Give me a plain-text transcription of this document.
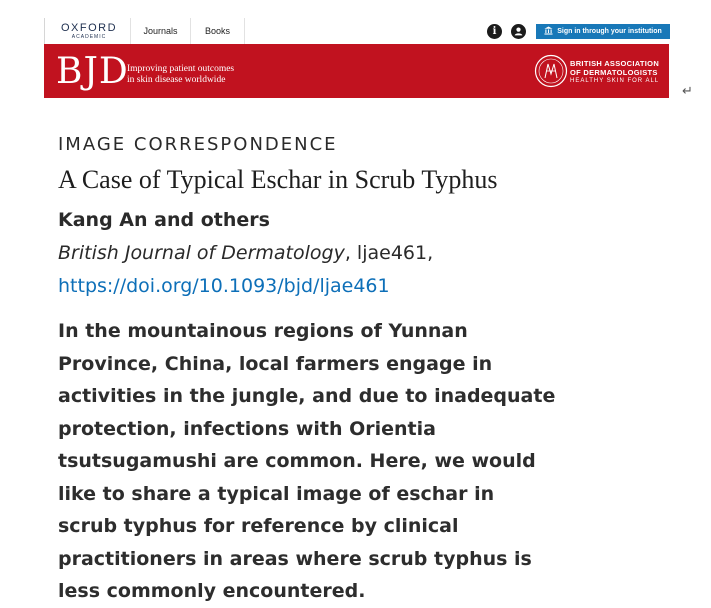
OXFORD
ACADEMIC
Journals	Books	i	Sign in through your institution
BJD
Improving patient outcomes
in skin disease worldwide
BRITISH ASSOCIATION
OF DERMATOLOGISTS
HEALTHY SKIN FOR ALL
↵

IMAGE CORRESPONDENCE

A Case of Typical Eschar in Scrub Typhus
Kang An and others
British Journal of Dermatology, ljae461,
https://doi.org/10.1093/bjd/ljae461
In the mountainous regions of Yunnan Province, China, local farmers engage in activities in the jungle, and due to inadequate protection, infections with Orientia tsutsugamushi are common. Here, we would like to share a typical image of eschar in scrub typhus for reference by clinical practitioners in areas where scrub typhus is less commonly encountered.
